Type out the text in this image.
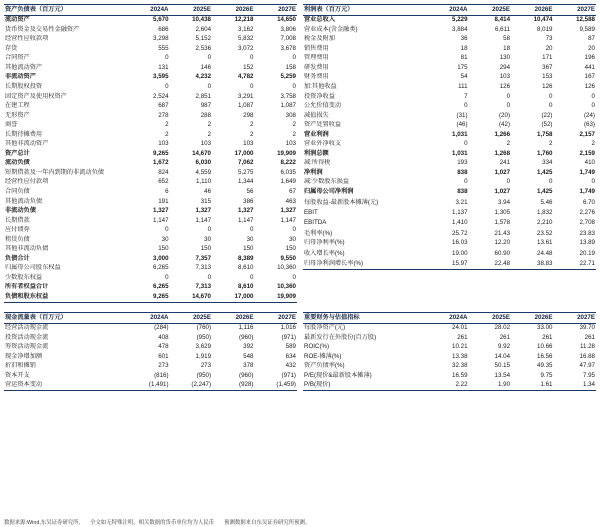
资产负债表（百万元）	2024A	2025E	2026E	2027E
流动资产	5,670	10,438	12,218	14,650
货币资金及交易性金融资产	686	2,604	3,162	3,806
经营性应收款项	3,298	5,152	5,832	7,008
存货	555	2,536	3,072	3,678
合同资产	0	0	0	0
其他流动资产	131	146	152	158
非流动资产	3,595	4,232	4,782	5,259
长期股权投资	0	0	0	0
固定资产及使用权资产	2,524	2,851	3,291	3,758
在建工程	687	987	1,087	1,087
无形资产	278	288	298	308
商誉	2	2	2	2
长期待摊费用	2	2	2	2
其他非流动资产	103	103	103	103
资产总计	9,265	14,670	17,000	19,909
流动负债	1,672	6,030	7,062	8,222
短期借款及一年内到期的非流动负债	824	4,559	5,275	6,035
经营性应付款项	652	1,110	1,344	1,649
合同负债	6	46	56	67
其他流动负债	191	315	386	463
非流动负债	1,327	1,327	1,327	1,327
长期借款	1,147	1,147	1,147	1,147
应付债券	0	0	0	0
租赁负债	30	30	30	30
其他非流动负债	150	150	150	150
负债合计	3,000	7,357	8,389	9,550
归属母公司股东权益	6,265	7,313	8,610	10,360
少数股东权益	0	0	0	0
所有者权益合计	6,265	7,313	8,610	10,360
负债和股东权益	9,265	14,670	17,000	19,909
利润表（百万元）	2024A	2025E	2026E	2027E
营业总收入	5,229	8,414	10,474	12,588
营业成本(含金融类)	3,884	6,611	8,019	9,589
税金及附加	36	58	73	87
销售费用	18	18	20	20
管理费用	81	130	171	196
研发费用	175	294	367	441
财务费用	54	103	153	167
加:其他收益	111	126	126	126
投资净收益	7	0	0	0
公允价值变动	0	0	0	0
减值损失	(31)	(20)	(22)	(24)
资产处置收益	(46)	(42)	(52)	(63)
营业利润	1,031	1,266	1,758	2,157
营业外净收支	0	2	2	2
利润总额	1,031	1,268	1,760	2,159
减:所得税	193	241	334	410
净利润	838	1,027	1,425	1,749
减:少数股东损益	0	0	0	0
归属母公司净利润	838	1,027	1,425	1,749

每股收益-最新股本摊薄(元)	3.21	3.94	5.46	6.70

EBIT	1,137	1,305	1,832	2,276
EBITDA	1,410	1,578	2,210	2,708

毛利率(%)	25.72	21.43	23.52	23.83
归母净利率(%)	16.03	12.20	13.61	13.89

收入增长率(%)	19.00	60.90	24.48	20.19
归母净利润增长率(%)	15.97	22.48	38.83	22.71
现金流量表（百万元）	2024A	2025E	2026E	2027E
经营活动现金流	(284)	(760)	1,116	1,016
投资活动现金流	408	(950)	(960)	(971)
筹资活动现金流	478	3,629	392	589
现金净增加额	601	1,919	548	634
折旧和摊销	273	273	378	432
资本开支	(816)	(950)	(960)	(971)
营运资本变动	(1,491)	(2,247)	(928)	(1,459)
重要财务与估值指标	2024A	2025E	2026E	2027E
每股净资产(元)	24.01	28.02	33.00	39.70
最新发行在外股份(百万股)	261	261	261	261
ROIC(%)	10.21	9.92	10.66	11.28
ROE-摊薄(%)	13.38	14.04	16.56	16.88
资产负债率(%)	32.38	50.15	49.35	47.97
P/E(现价&最新股本摊薄)	16.59	13.54	9.75	7.95
P/B(现价)	2.22	1.90	1.61	1.34
数据来源:Wind,东吴证券研究所, 全文如无特殊注明，相关数据的货币单位均为人民币 预测数据来自东吴证券研究所预测。
